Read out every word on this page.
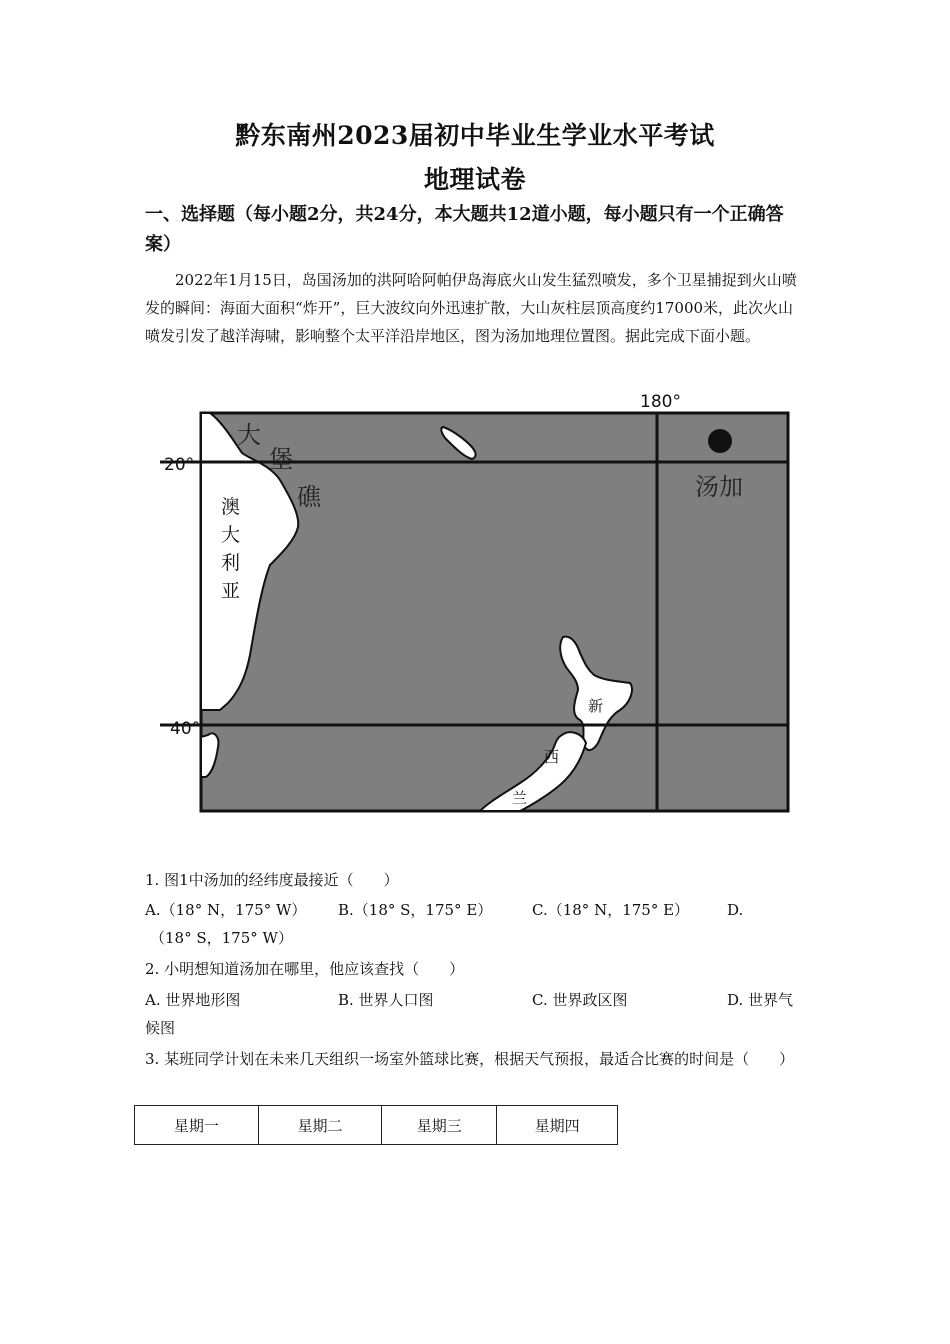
黔东南州2023届初中毕业生学业水平考试
地理试卷
一、选择题（每小题2分，共24分，本大题共12道小题，每小题只有一个正确答案）
2022年1月15日，岛国汤加的洪阿哈阿帕伊岛海底火山发生猛烈喷发，多个卫星捕捉到火山喷发的瞬间：海面大面积“炸开”，巨大波纹向外迅速扩散，大山灰柱层顶高度约17000米，此次火山喷发引发了越洋海啸，影响整个太平洋沿岸地区，图为汤加地理位置图。据此完成下面小题。
180°
20°
40°
大
堡
礁
澳
大
利
亚
新
西
兰
汤加
1. 图1中汤加的经纬度最接近（　　）
A.（18° N，175° W） B.（18° S，175° E）	C.（18° N，175° E）	D.
（18° S，175° W）
2. 小明想知道汤加在哪里，他应该查找（　　）
A. 世界地形图	B. 世界人口图	C. 世界政区图	D. 世界气
候图
3. 某班同学计划在未来几天组织一场室外篮球比赛，根据天气预报，最适合比赛的时间是（　　）
星期一	星期二	星期三	星期四
